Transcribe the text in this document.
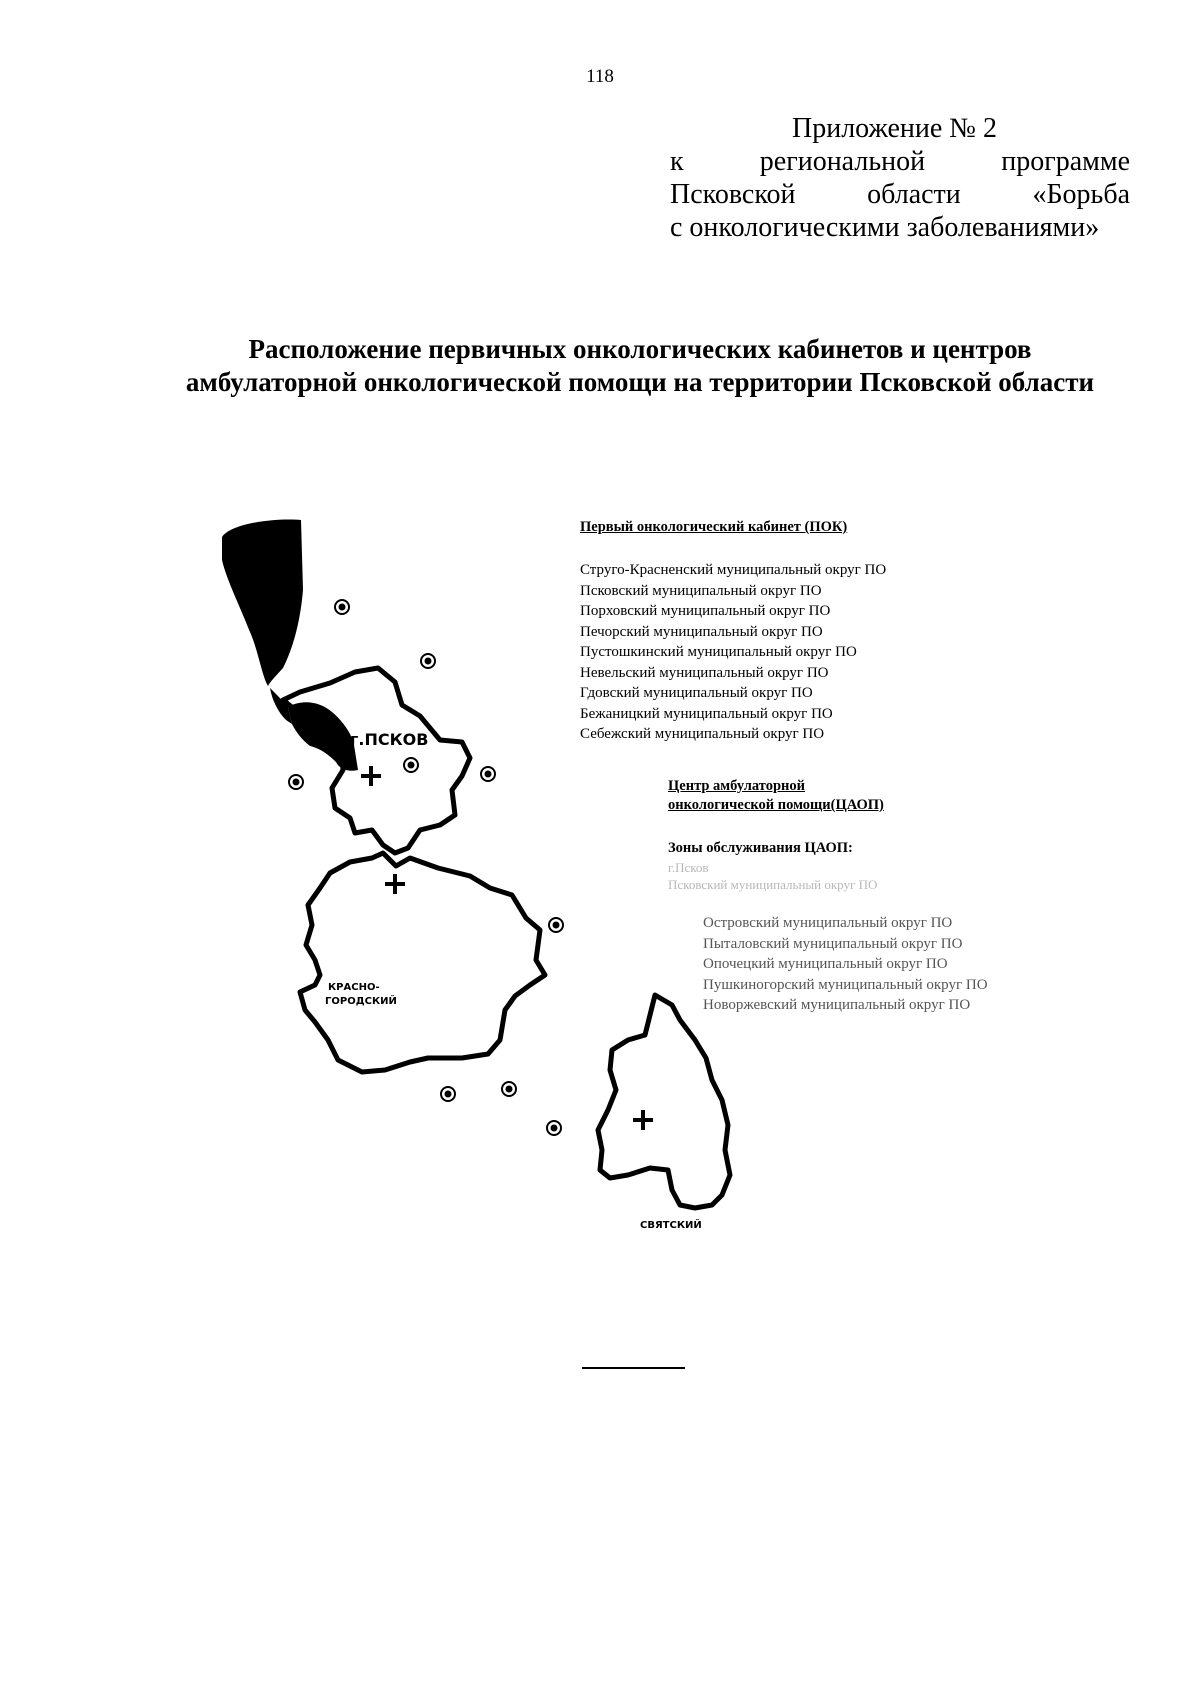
118
Приложение № 2
к	региональной	программе
Псковской	области	«Борьба
с онкологическими заболеваниями»
Расположение первичных онкологических кабинетов и центров
амбулаторной онкологической помощи на территории Псковской области
г.ПСКОВ
КРАСНО- ГОРОДСКИЙ
СВЯТСКИЙ
Первый онкологический кабинет (ПОК)
Струго-Красненский муниципальный округ ПО
Псковский муниципальный округ ПО
Порховский муниципальный округ ПО
Печорский муниципальный округ ПО
Пустошкинский муниципальный округ ПО
Невельский муниципальный округ ПО
Гдовский муниципальный округ ПО
Бежаницкий муниципальный округ ПО
Себежский муниципальный округ ПО
Центр амбулаторной
онкологической помощи(ЦАОП)
Зоны обслуживания ЦАОП:
г.Псков
Псковский муниципальный округ ПО
Островский муниципальный округ ПО
Пыталовский муниципальный округ ПО
Опочецкий муниципальный округ ПО
Пушкиногорский муниципальный округ ПО
Новоржевский муниципальный округ ПО
